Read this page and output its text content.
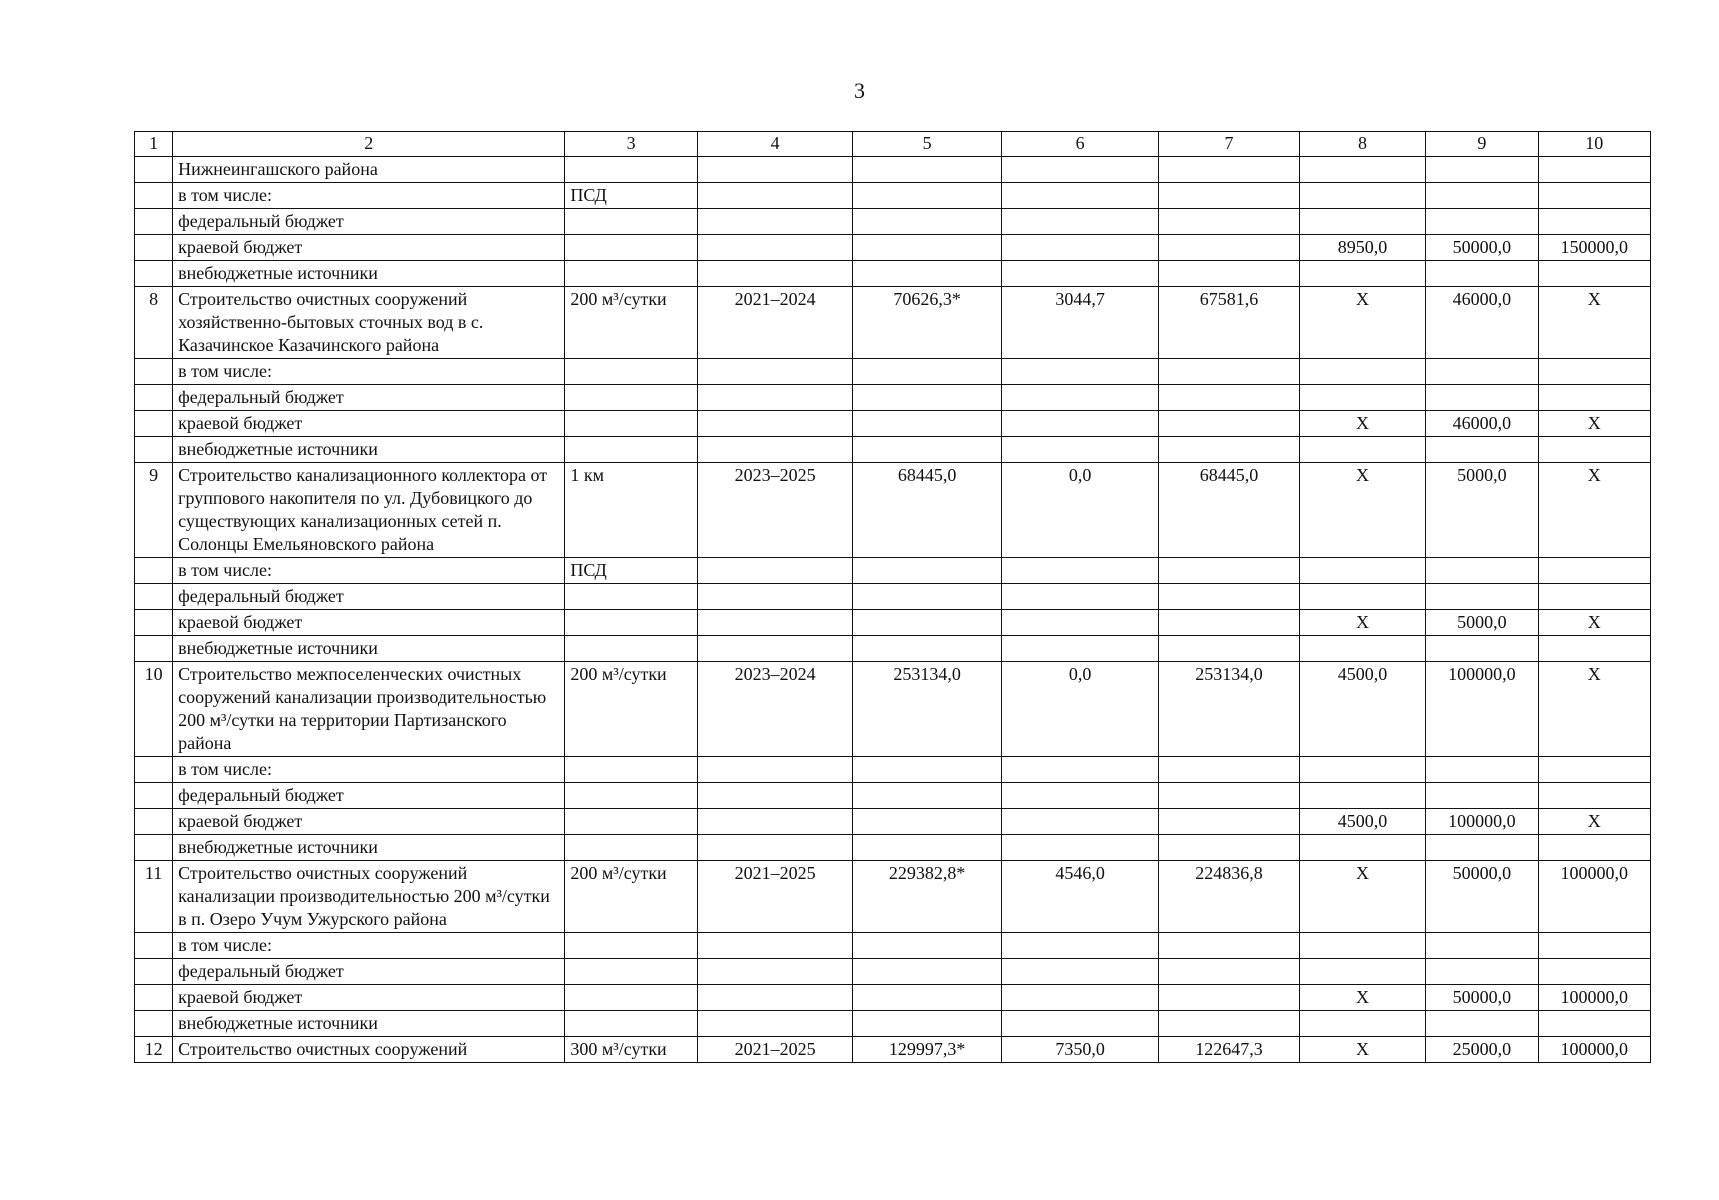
3
1	2	3	4	5	6	7	8	9	10
	Нижнеингашского района								
	в том числе:	ПСД							
	федеральный бюджет								
	краевой бюджет						8950,0	50000,0	150000,0
	внебюджетные источники								
8	Строительство очистных сооружений хозяйственно-бытовых сточных вод в с. Казачинское Казачинского района	200 м³/сутки	2021–2024	70626,3*	3044,7	67581,6	X	46000,0	X
	в том числе:								
	федеральный бюджет								
	краевой бюджет						X	46000,0	X
	внебюджетные источники								
9	Строительство канализационного коллектора от группового накопителя по ул. Дубовицкого до существующих канализационных сетей п. Солонцы Емельяновского района	1 км	2023–2025	68445,0	0,0	68445,0	X	5000,0	X
	в том числе:	ПСД							
	федеральный бюджет								
	краевой бюджет						X	5000,0	X
	внебюджетные источники								
10	Строительство межпоселенческих очистных сооружений канализации производительностью 200 м³/сутки на территории Партизанского района	200 м³/сутки	2023–2024	253134,0	0,0	253134,0	4500,0	100000,0	X
	в том числе:								
	федеральный бюджет								
	краевой бюджет						4500,0	100000,0	X
	внебюджетные источники								
11	Строительство очистных сооружений канализации производительностью 200 м³/сутки в п. Озеро Учум Ужурского района	200 м³/сутки	2021–2025	229382,8*	4546,0	224836,8	X	50000,0	100000,0
	в том числе:								
	федеральный бюджет								
	краевой бюджет						X	50000,0	100000,0
	внебюджетные источники								
12	Строительство очистных сооружений	300 м³/сутки	2021–2025	129997,3*	7350,0	122647,3	X	25000,0	100000,0
